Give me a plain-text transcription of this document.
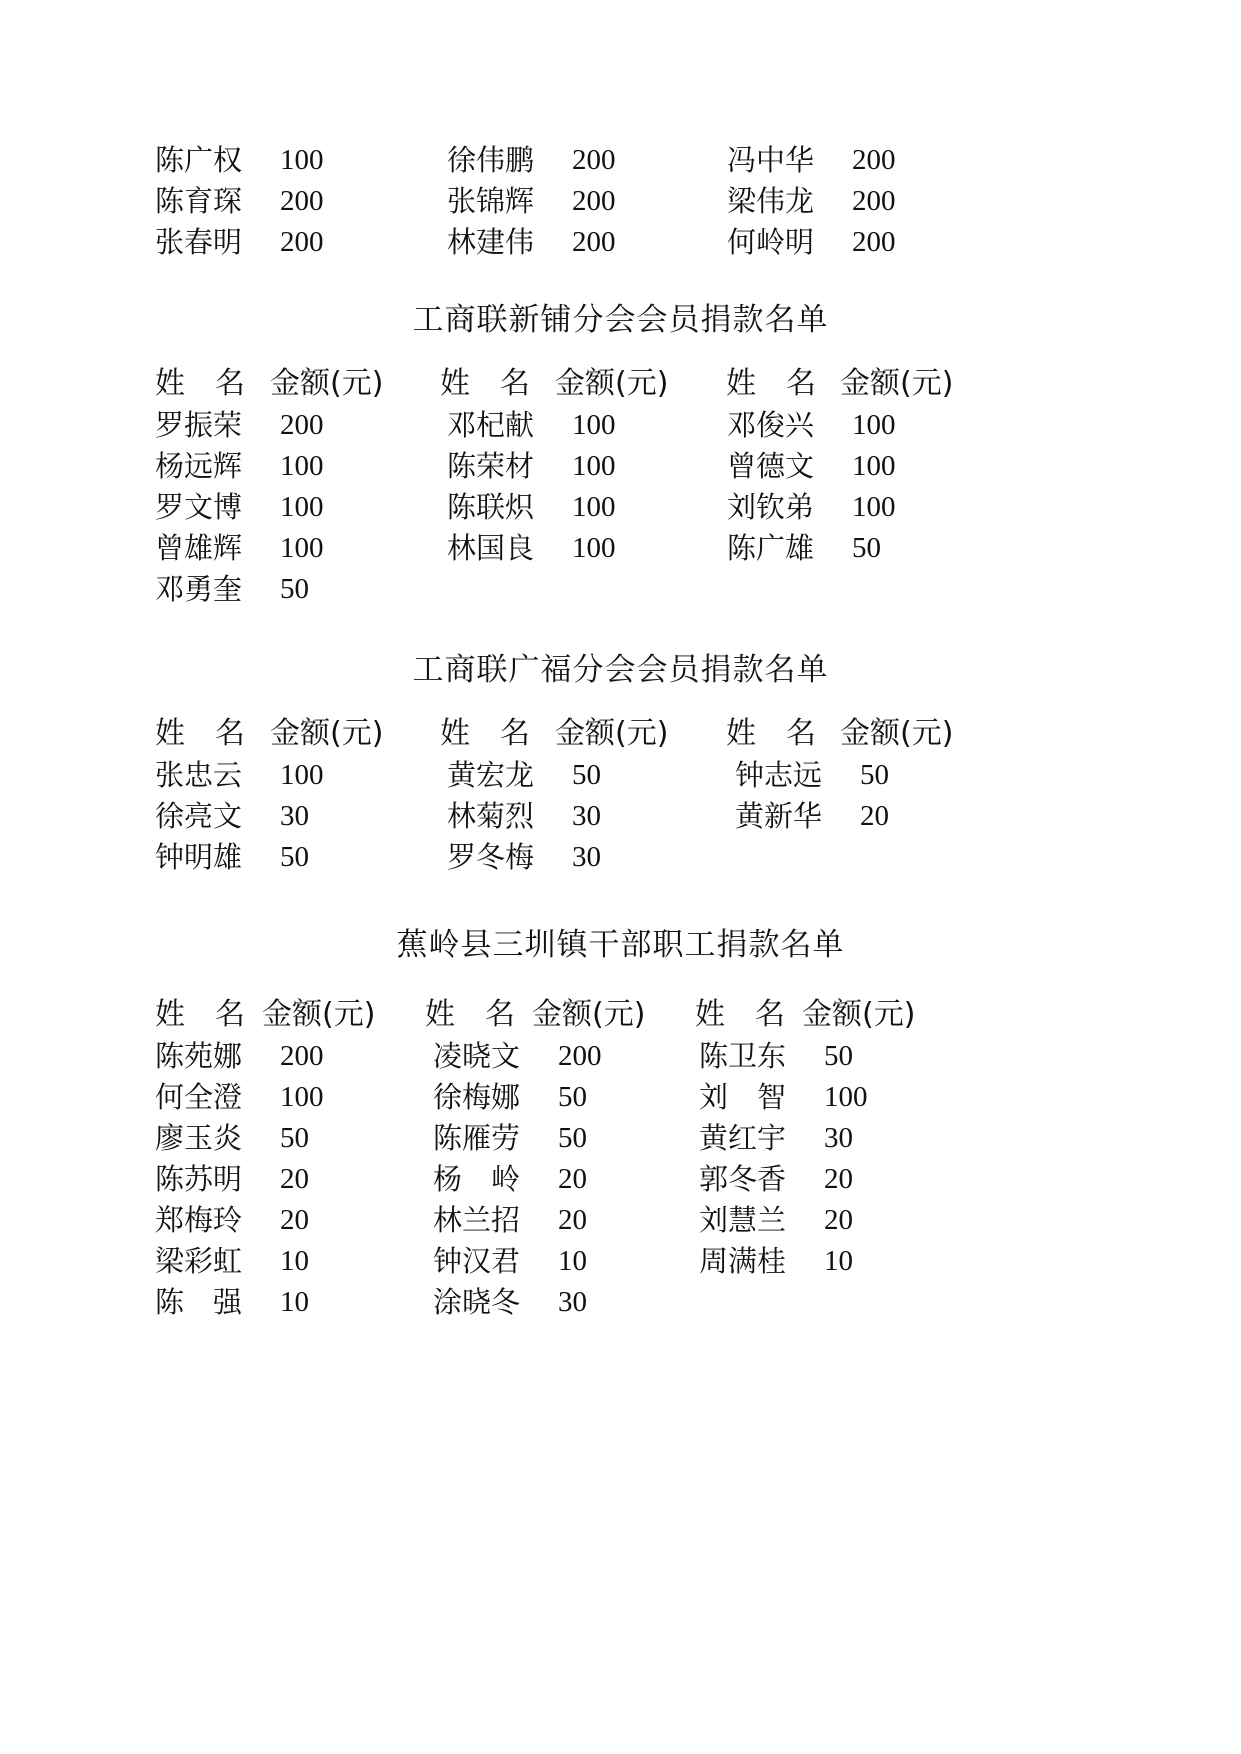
陈广权 100	徐伟鹏 200	冯中华 200
陈育琛 200	张锦辉 200	梁伟龙 200
张春明 200	林建伟 200	何岭明 200
工商联新铺分会会员捐款名单
姓　名 金额(元) 姓　名 金额(元) 姓　名 金额(元)
罗振荣 200	邓杞献 100	邓俊兴 100
杨远辉 100	陈荣材 100	曾德文 100
罗文博 100	陈联炽 100	刘钦弟 100
曾雄辉 100	林国良 100	陈广雄 50
邓勇奎 50
工商联广福分会会员捐款名单
姓　名 金额(元) 姓　名 金额(元) 姓　名 金额(元)
张忠云 100	黄宏龙 50	钟志远 50
徐亮文 30	林菊烈 30	黄新华 20
钟明雄 50	罗冬梅 30
蕉岭县三圳镇干部职工捐款名单
姓　名 金额(元) 姓　名 金额(元) 姓　名 金额(元)
陈苑娜 200	凌晓文 200	陈卫东 50
何全澄 100	徐梅娜 50	刘　智 100
廖玉炎 50	陈雁劳 50	黄红宇 30
陈苏明 20	杨　岭 20	郭冬香 20
郑梅玲 20	林兰招 20	刘慧兰 20
梁彩虹 10	钟汉君 10	周满桂 10
陈　强 10	涂晓冬 30
